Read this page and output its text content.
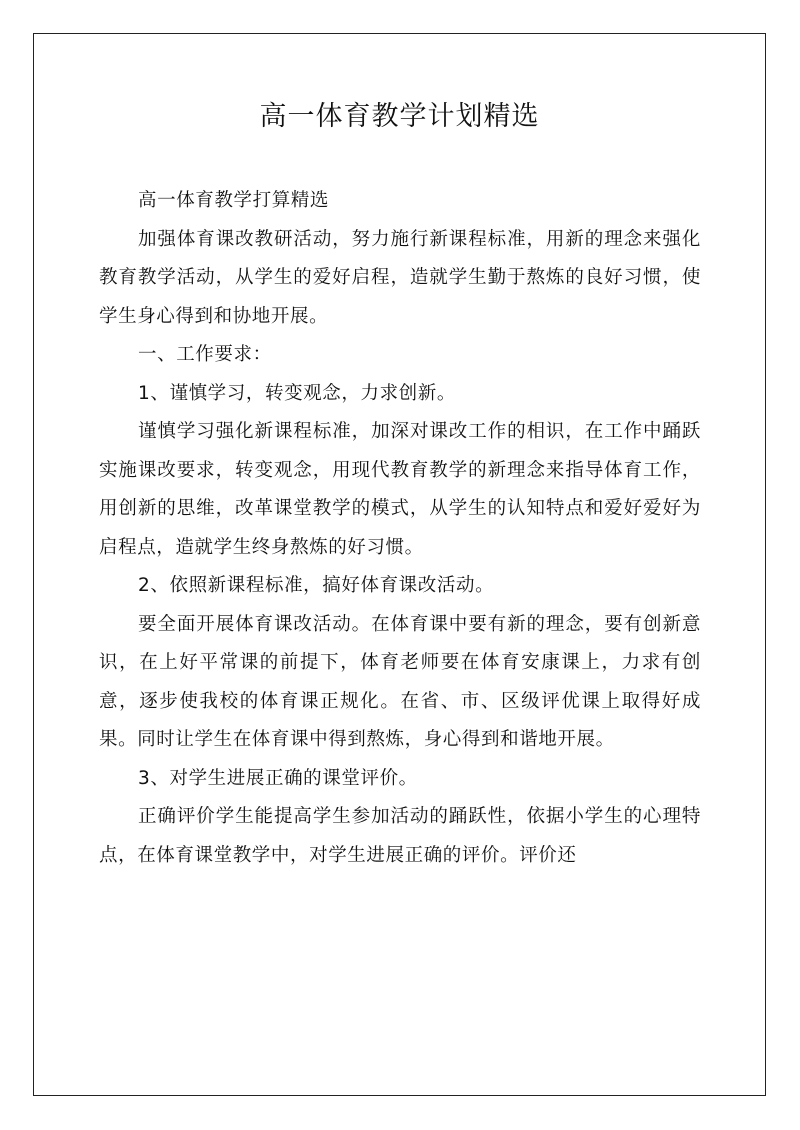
高一体育教学计划精选

高一体育教学打算精选

加强体育课改教研活动，努力施行新课程标准，用新的理念来强化教育教学活动，从学生的爱好启程，造就学生勤于熬炼的良好习惯，使学生身心得到和协地开展。

一、工作要求：

1、谨慎学习，转变观念，力求创新。

谨慎学习强化新课程标准，加深对课改工作的相识，在工作中踊跃实施课改要求，转变观念，用现代教育教学的新理念来指导体育工作，用创新的思维，改革课堂教学的模式，从学生的认知特点和爱好爱好为启程点，造就学生终身熬炼的好习惯。

2、依照新课程标准，搞好体育课改活动。

要全面开展体育课改活动。在体育课中要有新的理念，要有创新意识，在上好平常课的前提下，体育老师要在体育安康课上，力求有创意，逐步使我校的体育课正规化。在省、市、区级评优课上取得好成果。同时让学生在体育课中得到熬炼，身心得到和谐地开展。

3、对学生进展正确的课堂评价。

正确评价学生能提高学生参加活动的踊跃性，依据小学生的心理特点，在体育课堂教学中，对学生进展正确的评价。评价还
